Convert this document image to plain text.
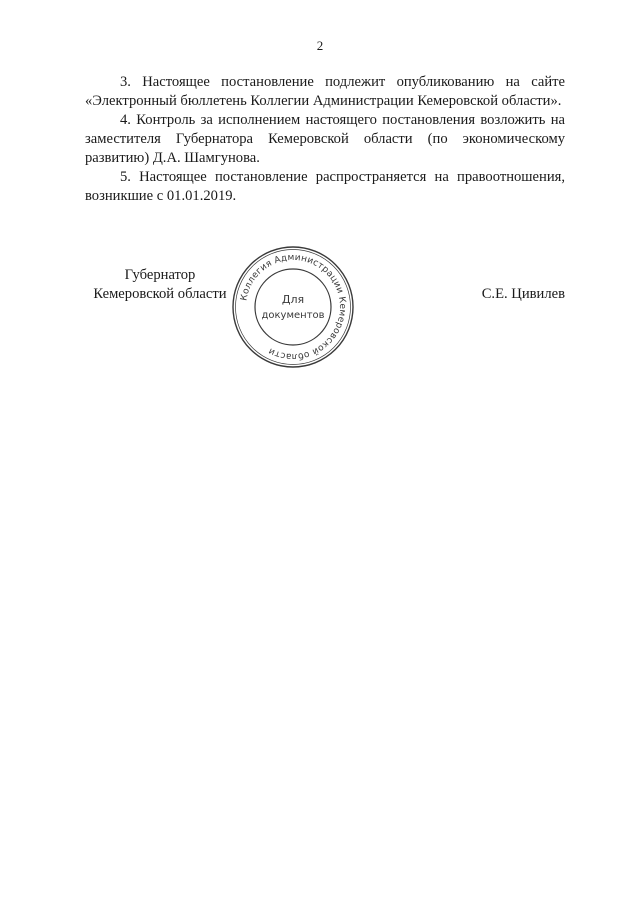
2

3. Настоящее постановление подлежит опубликованию на сайте «Электронный бюллетень Коллегии Администрации Кемеровской области».

4. Контроль за исполнением настоящего постановления возложить на заместителя Губернатора Кемеровской области (по экономическому развитию) Д.А. Шамгунова.

5. Настоящее постановление распространяется на правоотношения, возникшие с 01.01.2019.

Губернатор
Кемеровской области	Коллегия Администрации Кемеровской области
Для
документов
С.Е. Цивилев
